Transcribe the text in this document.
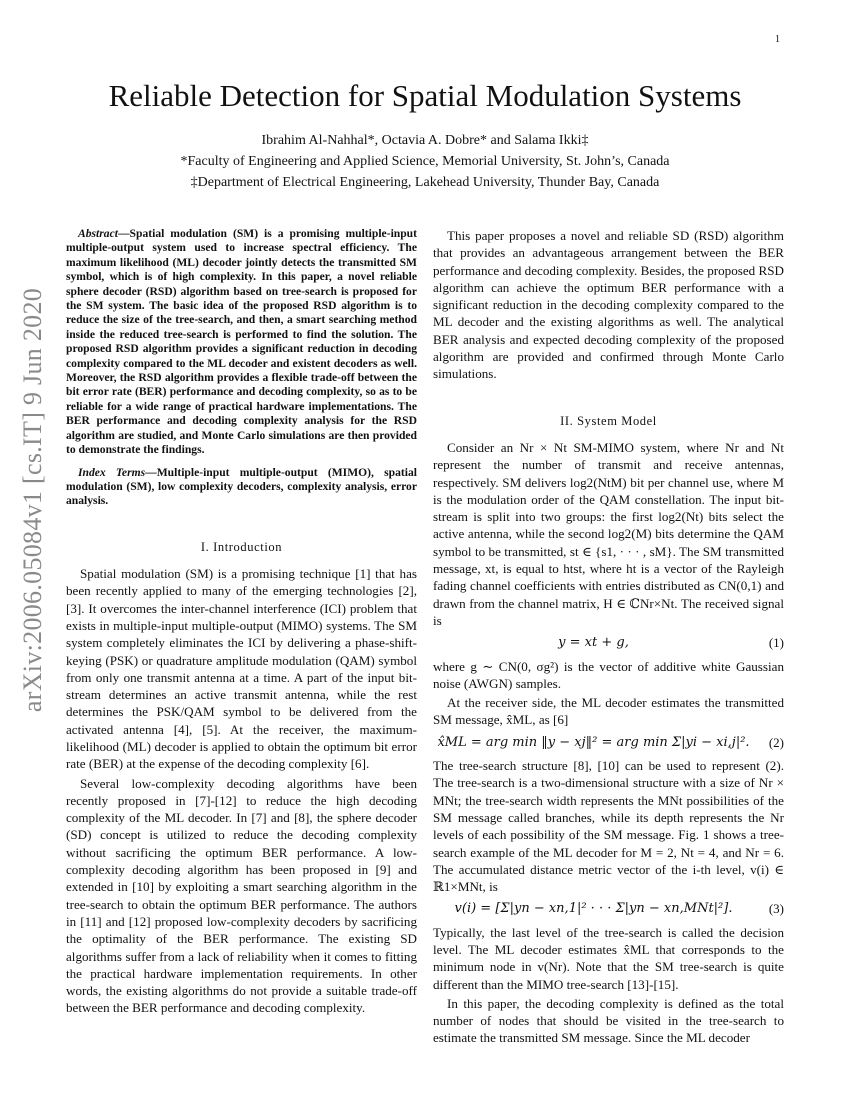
1
arXiv:2006.05084v1 [cs.IT] 9 Jun 2020
Reliable Detection for Spatial Modulation Systems
Ibrahim Al-Nahhal*, Octavia A. Dobre* and Salama Ikki‡
*Faculty of Engineering and Applied Science, Memorial University, St. John’s, Canada
‡Department of Electrical Engineering, Lakehead University, Thunder Bay, Canada

Abstract—Spatial modulation (SM) is a promising multiple-input multiple-output system used to increase spectral efficiency. The maximum likelihood (ML) decoder jointly detects the transmitted SM symbol, which is of high complexity. In this paper, a novel reliable sphere decoder (RSD) algorithm based on tree-search is proposed for the SM system. The basic idea of the proposed RSD algorithm is to reduce the size of the tree-search, and then, a smart searching method inside the reduced tree-search is performed to find the solution. The proposed RSD algorithm provides a significant reduction in decoding complexity compared to the ML decoder and existent decoders as well. Moreover, the RSD algorithm provides a flexible trade-off between the bit error rate (BER) performance and decoding complexity, so as to be reliable for a wide range of practical hardware implementations. The BER performance and decoding complexity analysis for the RSD algorithm are studied, and Monte Carlo simulations are then provided to demonstrate the findings.

Index Terms—Multiple-input multiple-output (MIMO), spatial modulation (SM), low complexity decoders, complexity analysis, error analysis.

I. Introduction

Spatial modulation (SM) is a promising technique [1] that has been recently applied to many of the emerging technologies [2], [3]. It overcomes the inter-channel interference (ICI) problem that exists in multiple-input multiple-output (MIMO) systems. The SM system completely eliminates the ICI by delivering a phase-shift-keying (PSK) or quadrature amplitude modulation (QAM) symbol from only one transmit antenna at a time. A part of the input bit-stream determines an active transmit antenna, while the rest determines the PSK/QAM symbol to be delivered from the activated antenna [4], [5]. At the receiver, the maximum-likelihood (ML) decoder is applied to obtain the optimum bit error rate (BER) at the expense of the decoding complexity [6].

Several low-complexity decoding algorithms have been recently proposed in [7]-[12] to reduce the high decoding complexity of the ML decoder. In [7] and [8], the sphere decoder (SD) concept is utilized to reduce the decoding complexity without sacrificing the optimum BER performance. A low-complexity decoding algorithm has been proposed in [9] and extended in [10] by exploiting a smart searching algorithm in the tree-search to obtain the optimum BER performance. The authors in [11] and [12] proposed low-complexity decoders by sacrificing the optimality of the BER performance. The existing SD algorithms suffer from a lack of reliability when it comes to fitting the practical hardware implementation requirements. In other words, the existing algorithms do not provide a suitable trade-off between the BER performance and decoding complexity.

This paper proposes a novel and reliable SD (RSD) algorithm that provides an advantageous arrangement between the BER performance and decoding complexity. Besides, the proposed RSD algorithm can achieve the optimum BER performance with a significant reduction in the decoding complexity compared to the ML decoder and the existing algorithms as well. The analytical BER analysis and expected decoding complexity of the proposed algorithm are provided and confirmed through Monte Carlo simulations.

II. System Model

Consider an Nr × Nt SM-MIMO system, where Nr and Nt represent the number of transmit and receive antennas, respectively. SM delivers log2(NtM) bit per channel use, where M is the modulation order of the QAM constellation. The input bit-stream is split into two groups: the first log2(Nt) bits select the active antenna, while the second log2(M) bits determine the QAM symbol to be transmitted, st ∈ {s1, · · · , sM}. The SM transmitted message, xt, is equal to htst, where ht is a vector of the Rayleigh fading channel coefficients with entries distributed as CN(0,1) and drawn from the channel matrix, H ∈ ℂNr×Nt. The received signal is

y = xt + g,	(1)

where g ∼ CN(0, σg²) is the vector of additive white Gaussian noise (AWGN) samples.

At the receiver side, the ML decoder estimates the transmitted SM message, x̂ML, as [6]

x̂ML = arg min ‖y − xj‖² = arg min Σ|yi − xi,j|².	(2)

The tree-search structure [8], [10] can be used to represent (2). The tree-search is a two-dimensional structure with a size of Nr × MNt; the tree-search width represents the MNt possibilities of the SM message called branches, while its depth represents the Nr levels of each possibility of the SM message. Fig. 1 shows a tree-search example of the ML decoder for M = 2, Nt = 4, and Nr = 6. The accumulated distance metric vector of the i-th level, v(i) ∈ ℝ1×MNt, is

v(i) = [Σ|yn − xn,1|² · · · Σ|yn − xn,MNt|²].	(3)

Typically, the last level of the tree-search is called the decision level. The ML decoder estimates x̂ML that corresponds to the minimum node in v(Nr). Note that the SM tree-search is quite different than the MIMO tree-search [13]-[15].

In this paper, the decoding complexity is defined as the total number of nodes that should be visited in the tree-search to estimate the transmitted SM message. Since the ML decoder
